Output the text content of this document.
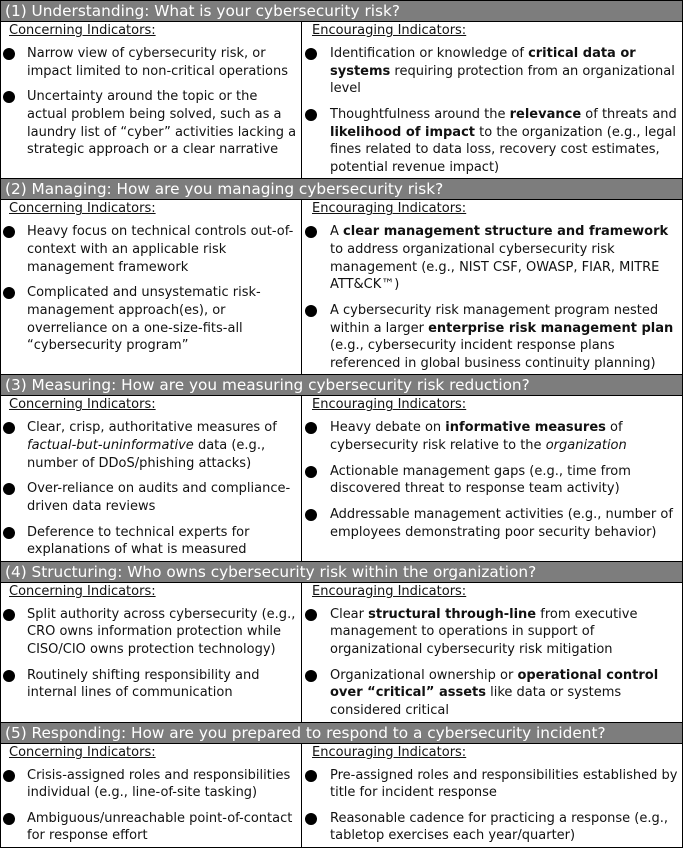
(1) Understanding: What is your cybersecurity risk?
Concerning Indicators:
Narrow view of cybersecurity risk, or impact limited to non-critical operations
Uncertainty around the topic or the actual problem being solved, such as a laundry list of “cyber” activities lacking a strategic approach or a clear narrative
Encouraging Indicators:
Identification or knowledge of critical data or systems requiring protection from an organizational level
Thoughtfulness around the relevance of threats and likelihood of impact to the organization (e.g., legal fines related to data loss, recovery cost estimates, potential revenue impact)
(2) Managing: How are you managing cybersecurity risk?
Concerning Indicators:
Heavy focus on technical controls out-of-context with an applicable risk management framework
Complicated and unsystematic risk-management approach(es), or overreliance on a one-size-fits-all “cybersecurity program”
Encouraging Indicators:
A clear management structure and framework to address organizational cybersecurity risk management (e.g., NIST CSF, OWASP, FIAR, MITRE ATT&CK™)
A cybersecurity risk management program nested within a larger enterprise risk management plan (e.g., cybersecurity incident response plans referenced in global business continuity planning)
(3) Measuring: How are you measuring cybersecurity risk reduction?
Concerning Indicators:
Clear, crisp, authoritative measures of factual-but-uninformative data (e.g., number of DDoS/phishing attacks)
Over-reliance on audits and compliance-driven data reviews
Deference to technical experts for explanations of what is measured
Encouraging Indicators:
Heavy debate on informative measures of cybersecurity risk relative to the organization
Actionable management gaps (e.g., time from discovered threat to response team activity)
Addressable management activities (e.g., number of employees demonstrating poor security behavior)
(4) Structuring: Who owns cybersecurity risk within the organization?
Concerning Indicators:
Split authority across cybersecurity (e.g., CRO owns information protection while CISO/CIO owns protection technology)
Routinely shifting responsibility and internal lines of communication
Encouraging Indicators:
Clear structural through-line from executive management to operations in support of organizational cybersecurity risk mitigation
Organizational ownership or operational control over “critical” assets like data or systems considered critical
(5) Responding: How are you prepared to respond to a cybersecurity incident?
Concerning Indicators:
Crisis-assigned roles and responsibilities individual (e.g., line-of-site tasking)
Ambiguous/unreachable point-of-contact for response effort
Encouraging Indicators:
Pre-assigned roles and responsibilities established by title for incident response
Reasonable cadence for practicing a response (e.g., tabletop exercises each year/quarter)
